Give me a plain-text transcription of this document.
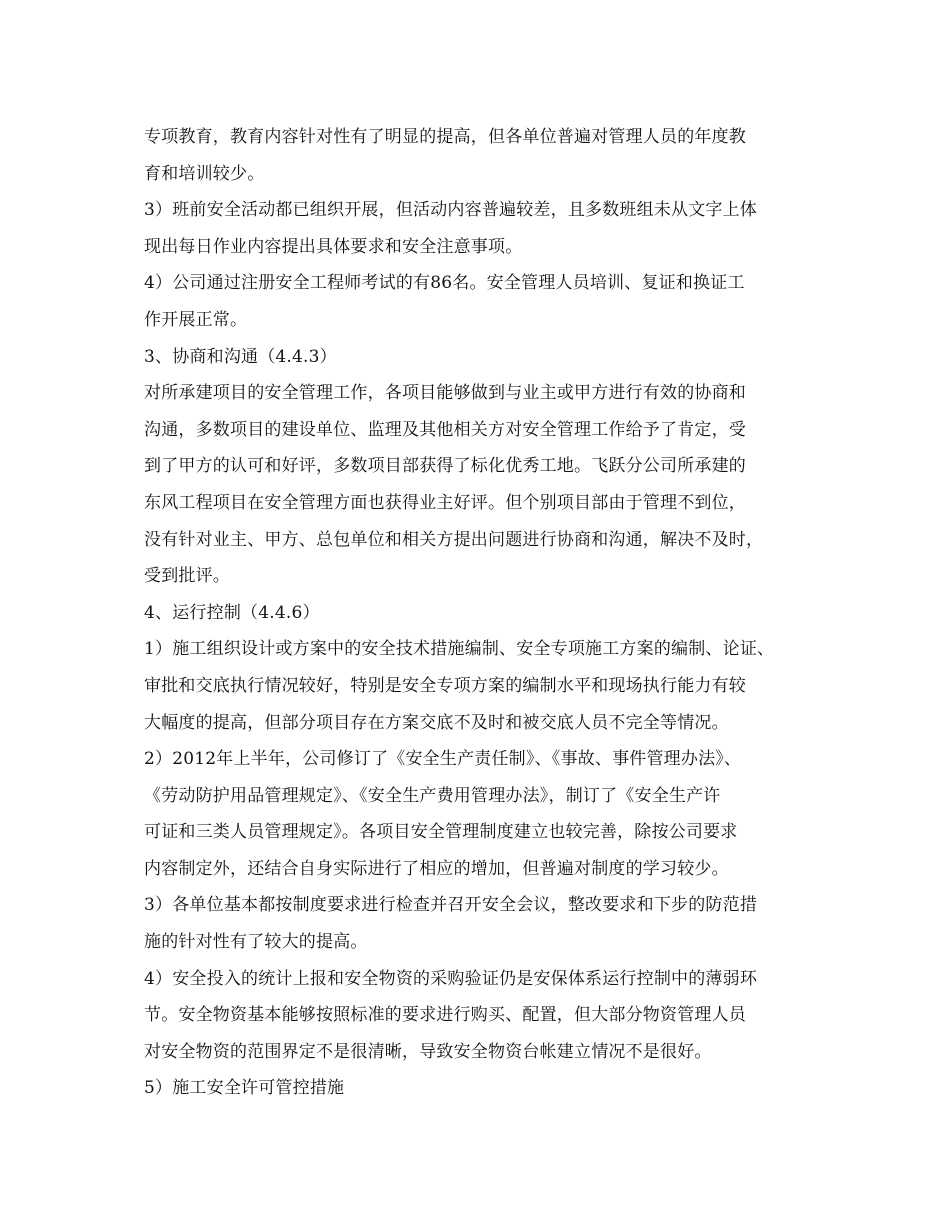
专项教育，教育内容针对性有了明显的提高，但各单位普遍对管理人员的年度教
育和培训较少。
3）班前安全活动都已组织开展，但活动内容普遍较差，且多数班组未从文字上体
现出每日作业内容提出具体要求和安全注意事项。
4）公司通过注册安全工程师考试的有86名。安全管理人员培训、复证和换证工
作开展正常。
3、协商和沟通（4.4.3）
对所承建项目的安全管理工作，各项目能够做到与业主或甲方进行有效的协商和
沟通，多数项目的建设单位、监理及其他相关方对安全管理工作给予了肯定，受
到了甲方的认可和好评，多数项目部获得了标化优秀工地。飞跃分公司所承建的
东风工程项目在安全管理方面也获得业主好评。但个别项目部由于管理不到位，
没有针对业主、甲方、总包单位和相关方提出问题进行协商和沟通，解决不及时，
受到批评。
4、运行控制（4.4.6）
1）施工组织设计或方案中的安全技术措施编制、安全专项施工方案的编制、论证、
审批和交底执行情况较好，特别是安全专项方案的编制水平和现场执行能力有较
大幅度的提高，但部分项目存在方案交底不及时和被交底人员不完全等情况。
2）2012年上半年，公司修订了《安全生产责任制》、《事故、事件管理办法》、
《劳动防护用品管理规定》、《安全生产费用管理办法》，制订了《安全生产许
可证和三类人员管理规定》。各项目安全管理制度建立也较完善，除按公司要求
内容制定外，还结合自身实际进行了相应的增加，但普遍对制度的学习较少。
3）各单位基本都按制度要求进行检查并召开安全会议，整改要求和下步的防范措
施的针对性有了较大的提高。
4）安全投入的统计上报和安全物资的采购验证仍是安保体系运行控制中的薄弱环
节。安全物资基本能够按照标准的要求进行购买、配置，但大部分物资管理人员
对安全物资的范围界定不是很清晰，导致安全物资台帐建立情况不是很好。
5）施工安全许可管控措施
